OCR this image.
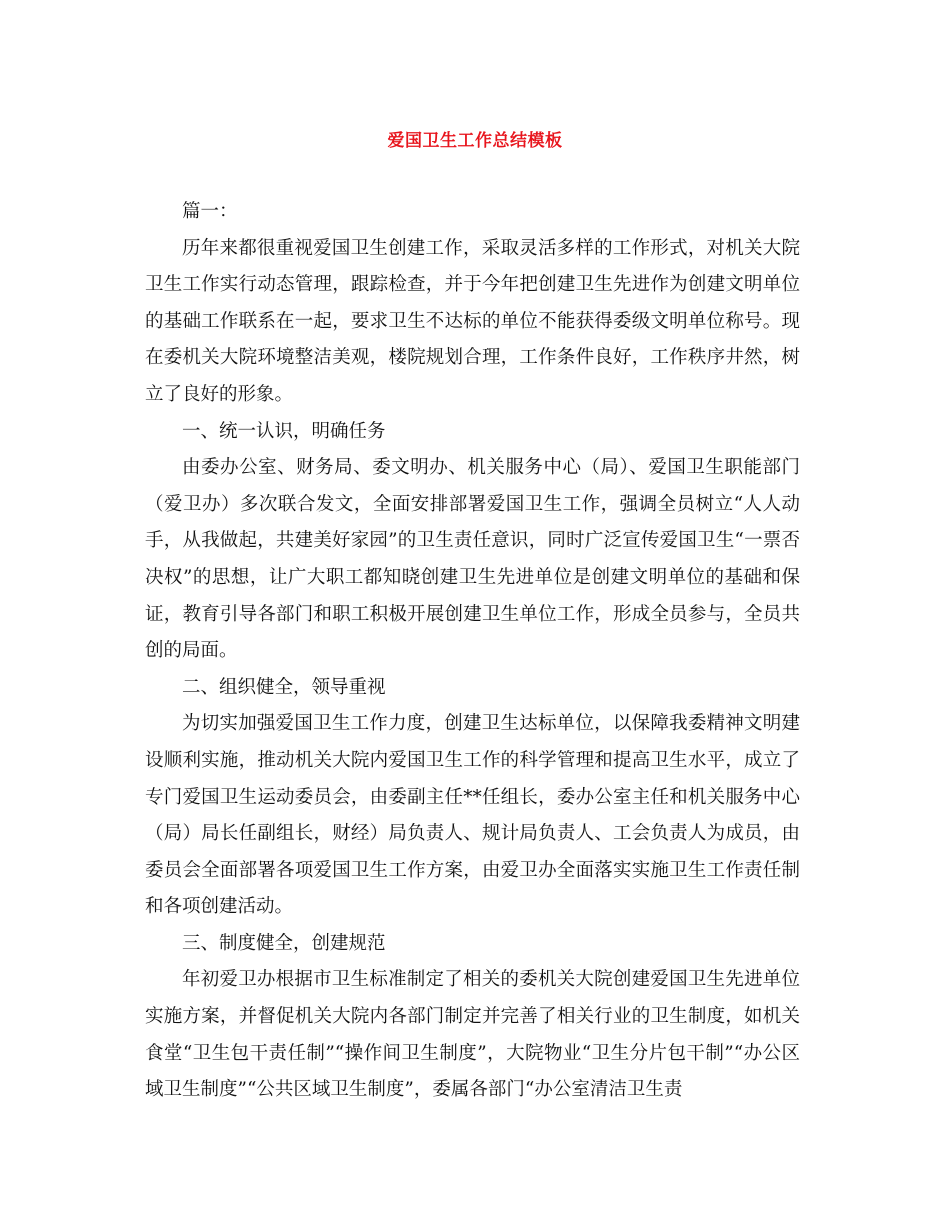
爱国卫生工作总结模板

篇一：

历年来都很重视爱国卫生创建工作，采取灵活多样的工作形式，对机关大院卫生工作实行动态管理，跟踪检查，并于今年把创建卫生先进作为创建文明单位的基础工作联系在一起，要求卫生不达标的单位不能获得委级文明单位称号。现在委机关大院环境整洁美观，楼院规划合理，工作条件良好，工作秩序井然，树立了良好的形象。

一、统一认识，明确任务

由委办公室、财务局、委文明办、机关服务中心（局）、爱国卫生职能部门（爱卫办）多次联合发文，全面安排部署爱国卫生工作，强调全员树立“人人动手，从我做起，共建美好家园”的卫生责任意识，同时广泛宣传爱国卫生“一票否决权”的思想，让广大职工都知晓创建卫生先进单位是创建文明单位的基础和保证，教育引导各部门和职工积极开展创建卫生单位工作，形成全员参与，全员共创的局面。

二、组织健全，领导重视

为切实加强爱国卫生工作力度，创建卫生达标单位，以保障我委精神文明建设顺利实施，推动机关大院内爱国卫生工作的科学管理和提高卫生水平，成立了专门爱国卫生运动委员会，由委副主任**任组长，委办公室主任和机关服务中心（局）局长任副组长，财经）局负责人、规计局负责人、工会负责人为成员，由委员会全面部署各项爱国卫生工作方案，由爱卫办全面落实实施卫生工作责任制和各项创建活动。

三、制度健全，创建规范

年初爱卫办根据市卫生标准制定了相关的委机关大院创建爱国卫生先进单位实施方案，并督促机关大院内各部门制定并完善了相关行业的卫生制度，如机关食堂“卫生包干责任制”“操作间卫生制度”，大院物业“卫生分片包干制”“办公区域卫生制度”“公共区域卫生制度”，委属各部门“办公室清洁卫生责
